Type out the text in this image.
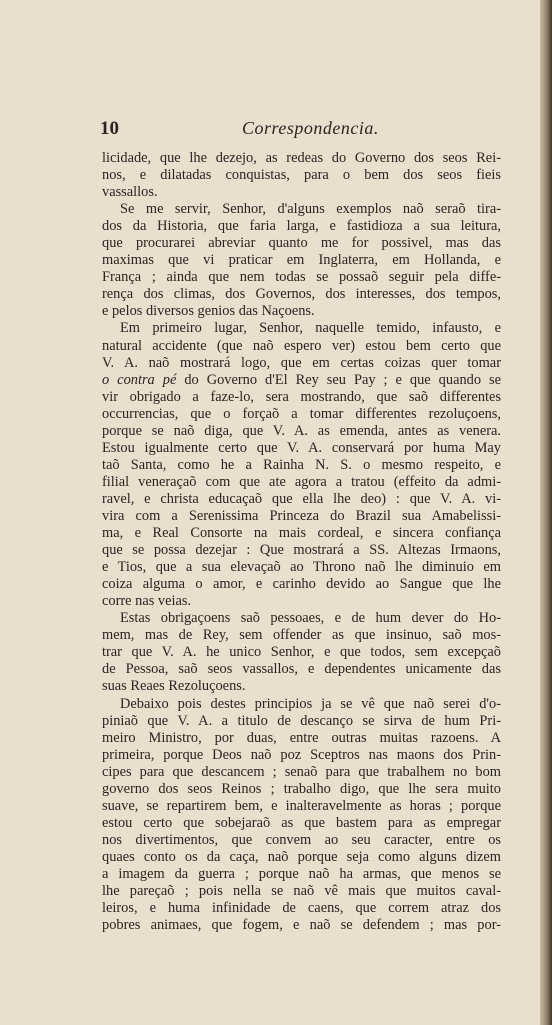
10	Correspondencia.
licidade, que lhe dezejo, as redeas do Governo dos seos Rei-
nos, e dilatadas conquistas, para o bem dos seos fieis
vassallos.
Se me servir, Senhor, d'alguns exemplos naõ seraõ tira-
dos da Historia, que faria larga, e fastidioza a sua leitura,
que procurarei abreviar quanto me for possivel, mas das
maximas que vi praticar em Inglaterra, em Hollanda, e
França ; ainda que nem todas se possaõ seguir pela diffe-
rença dos climas, dos Governos, dos interesses, dos tempos,
e pelos diversos genios das Naçoens.
Em primeiro lugar, Senhor, naquelle temido, infausto, e
natural accidente (que naõ espero ver) estou bem certo que
V. A. naõ mostrará logo, que em certas coizas quer tomar
o contra pé do Governo d'El Rey seu Pay ; e que quando se
vir obrigado a faze-lo, sera mostrando, que saõ differentes
occurrencias, que o forçaõ a tomar differentes rezoluçoens,
porque se naõ diga, que V. A. as emenda, antes as venera.
Estou igualmente certo que V. A. conservará por huma May
taõ Santa, como he a Rainha N. S. o mesmo respeito, e
filial veneraçaõ com que ate agora a tratou (effeito da admi-
ravel, e christa educaçaõ que ella lhe deo) : que V. A. vi-
vira com a Serenissima Princeza do Brazil sua Amabelissi-
ma, e Real Consorte na mais cordeal, e sincera confiança
que se possa dezejar : Que mostrará a SS. Altezas Irmaons,
e Tios, que a sua elevaçaõ ao Throno naõ lhe diminuio em
coiza alguma o amor, e carinho devido ao Sangue que lhe
corre nas veias.
Estas obrigaçoens saõ pessoaes, e de hum dever do Ho-
mem, mas de Rey, sem offender as que insinuo, saõ mos-
trar que V. A. he unico Senhor, e que todos, sem excepçaõ
de Pessoa, saõ seos vassallos, e dependentes unicamente das
suas Reaes Rezoluçoens.
Debaixo pois destes principios ja se vê que naõ serei d'o-
piniaõ que V. A. a titulo de descanço se sirva de hum Pri-
meiro Ministro, por duas, entre outras muitas razoens. A
primeira, porque Deos naõ poz Sceptros nas maons dos Prin-
cipes para que descancem ; senaõ para que trabalhem no bom
governo dos seos Reinos ; trabalho digo, que lhe sera muito
suave, se repartirem bem, e inalteravelmente as horas ; porque
estou certo que sobejaraõ as que bastem para as empregar
nos divertimentos, que convem ao seu caracter, entre os
quaes conto os da caça, naõ porque seja como alguns dizem
a imagem da guerra ; porque naõ ha armas, que menos se
lhe pareçaõ ; pois nella se naõ vê mais que muitos caval-
leiros, e huma infinidade de caens, que correm atraz dos
pobres animaes, que fogem, e naõ se defendem ; mas por-
